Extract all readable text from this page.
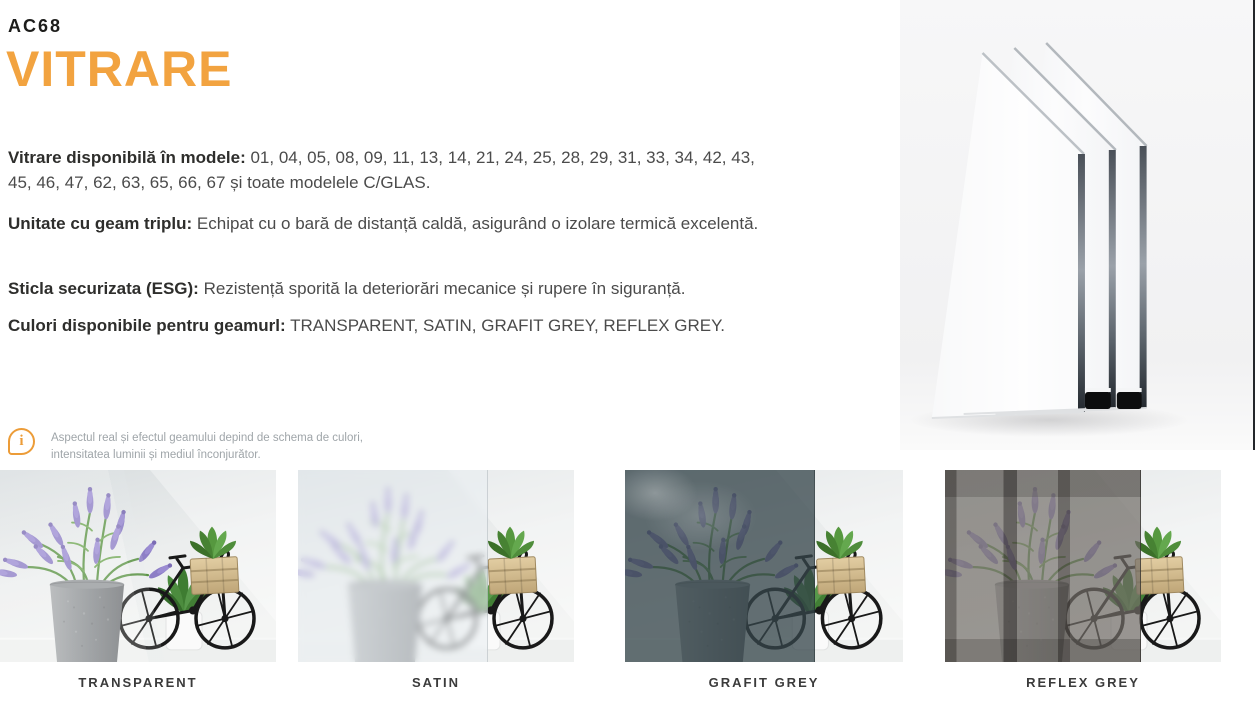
AC68
VITRARE

Vitrare disponibilă în modele: 01, 04, 05, 08, 09, 11, 13, 14, 21, 24, 25, 28, 29, 31, 33, 34, 42, 43, 45, 46, 47, 62, 63, 65, 66, 67 și toate modelele C/GLAS.

Unitate cu geam triplu: Echipat cu o bară de distanță caldă, asigurând o izolare termică excelentă.

Sticla securizata (ESG): Rezistență sporită la deteriorări mecanice și rupere în siguranță.

Culori disponibile pentru geamurl: TRANSPARENT, SATIN, GRAFIT GREY, REFLEX GREY.

i Aspectul real și efectul geamului depind de schema de culori,
intensitatea luminii și mediul înconjurător.
TRANSPARENT	SATIN	GRAFIT GREY	REFLEX GREY
